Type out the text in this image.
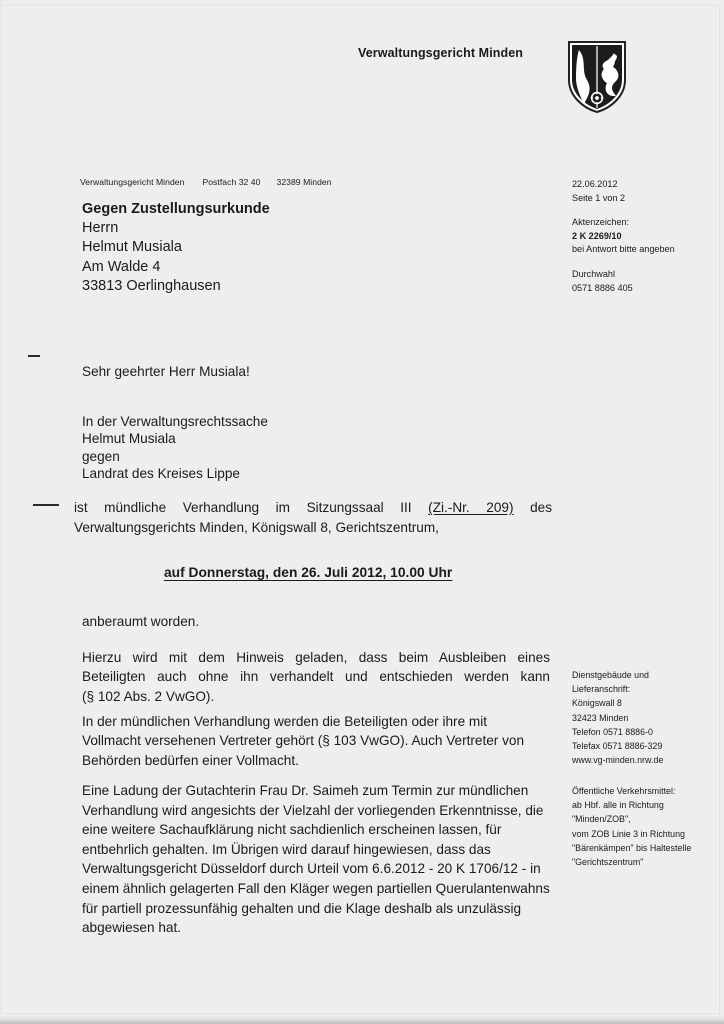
Verwaltungsgericht Minden
Verwaltungsgericht Minden Postfach 32 40 32389 Minden
Gegen Zustellungsurkunde
Herrn
Helmut Musiala
Am Walde 4
33813 Oerlinghausen
22.06.2012
Seite 1 von 2
Aktenzeichen:
2 K 2269/10
bei Antwort bitte angeben
Durchwahl
0571 8886 405
Sehr geehrter Herr Musiala!
In der Verwaltungsrechtssache
Helmut Musiala
gegen
Landrat des Kreises Lippe
ist mündliche Verhandlung im Sitzungssaal III (Zi.-Nr. 209) des
Verwaltungsgerichts Minden, Königswall 8, Gerichtszentrum,
auf Donnerstag, den 26. Juli 2012, 10.00 Uhr
anberaumt worden.
Hierzu wird mit dem Hinweis geladen, dass beim Ausbleiben eines
Beteiligten auch ohne ihn verhandelt und entschieden werden kann
(§ 102 Abs. 2 VwGO).
In der mündlichen Verhandlung werden die Beteiligten oder ihre mit Vollmacht versehenen Vertreter gehört (§ 103 VwGO). Auch Vertreter von Behörden bedürfen einer Vollmacht.
Eine Ladung der Gutachterin Frau Dr. Saimeh zum Termin zur mündlichen Verhandlung wird angesichts der Vielzahl der vorliegenden Erkenntnisse, die eine weitere Sachaufklärung nicht sachdienlich erscheinen lassen, für entbehrlich gehalten. Im Übrigen wird darauf hingewiesen, dass das Verwaltungsgericht Düsseldorf durch Urteil vom 6.6.2012 - 20 K 1706/12 - in einem ähnlich gelagerten Fall den Kläger wegen partiellen Querulantenwahns für partiell prozessunfähig gehalten und die Klage deshalb als unzulässig abgewiesen hat.
Dienstgebäude und
Lieferanschrift:
Königswall 8
32423 Minden
Telefon 0571 8886-0
Telefax 0571 8886-329
www.vg-minden.nrw.de
Öffentliche Verkehrsmittel:
ab Hbf. alle in Richtung
"Minden/ZOB",
vom ZOB Linie 3 in Richtung
"Bärenkämpen" bis Haltestelle
"Gerichtszentrum"
